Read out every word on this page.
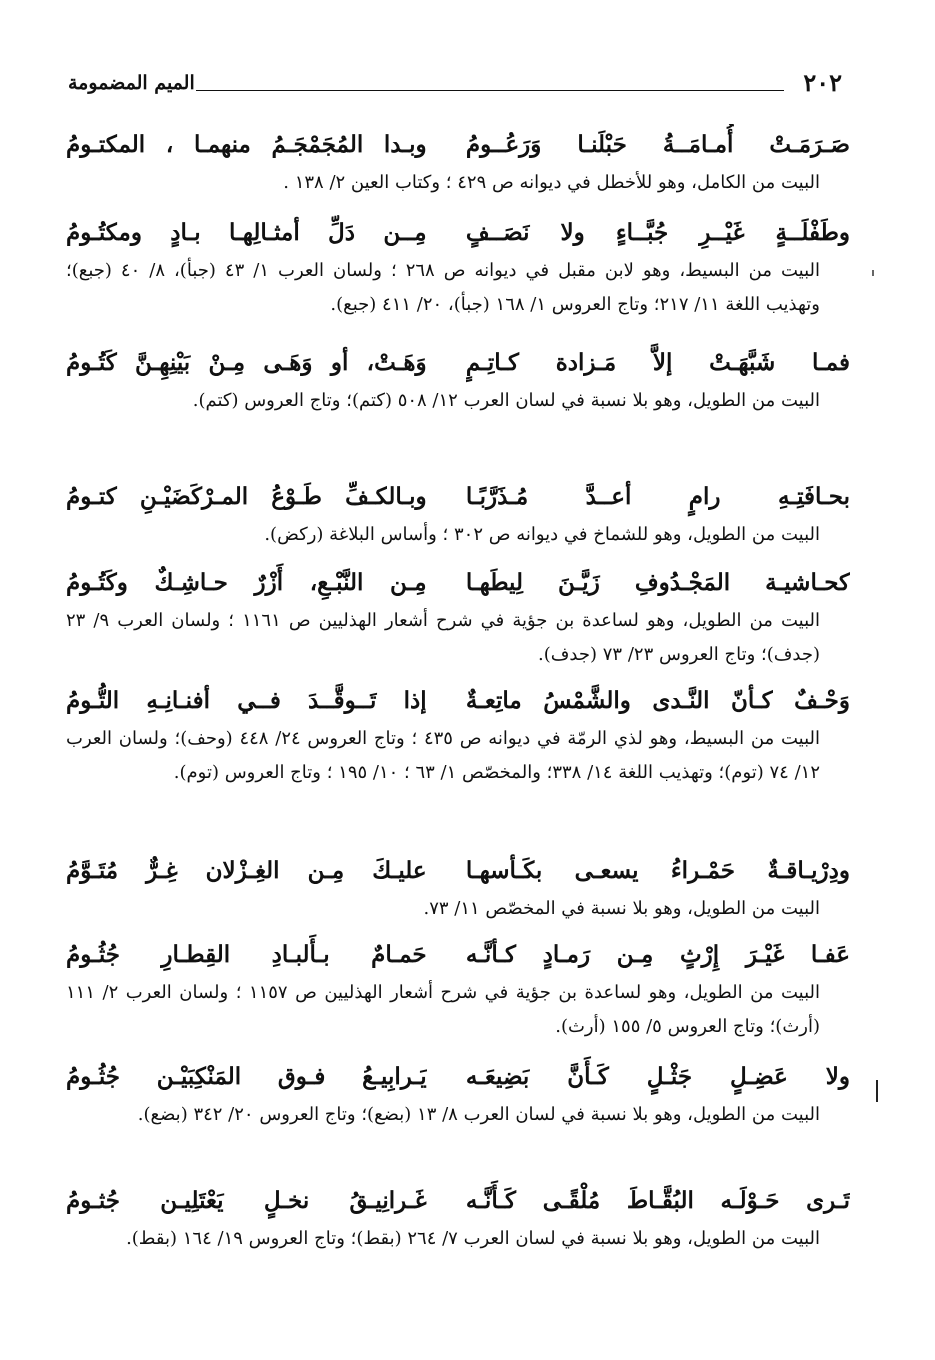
٢٠٢
الميم المضمومة
صَـرَمَـتْ أُمـامَــةُ حَبْلَنـا وَرَعُــومُ
وبـدا المُجَمْجَـمُ منهمـا ، المكتـومُ
البيت من الكامل، وهو للأخطل في ديوانه ص ٤٢٩ ؛ وكتاب العين ٢/ ١٣٨ .
وطَفْلَــةٍ غَيْــرِ جُبَّــاءٍ ولا نَصَــفٍ
مِــن دَلِّ أمثـالِهـا بـادٍ ومكتُـومُ
البيت من البسيط، وهو لابن مقبل في ديوانه ص ٢٦٨ ؛ ولسان العرب ١/ ٤٣ (جبأ)، ٨/ ٤٠ (جبع)؛ وتهذيب اللغة ١١/ ٢١٧؛ وتاج العروس ١/ ١٦٨ (جبأ)، ٢٠/ ٤١١ (جبع).
فمـا شَبَّهَـتْ إلاَّ مَـزادة كـاتِـمٍ
وَهَـتْ، أو وَهَـى مِـنْ بَيْنِهِـنَّ كَتُـومُ
البيت من الطويل، وهو بلا نسبة في لسان العرب ١٢/ ٥٠٨ (كتم)؛ وتاج العروس (كتم).
بحـافَتِـهِ رامٍ أعــدَّ مُـذَرَّبًـا
وبـالكـفِّ طَـوْعُ المـرْكَضَيْـنِ كتـومُ
البيت من الطويل، وهو للشماخ في ديوانه ص ٣٠٢ ؛ وأساس البلاغة (ركض).
كحـاشيـة المَجْـدُوفِ زَيَّـنَ لِيطَهـا
مِـن النَّبْـعِ، أَزْرٌ حـاشِـكٌ وكَتُـومُ
البيت من الطويل، وهو لساعدة بن جؤية في شرح أشعار الهذليين ص ١١٦١ ؛ ولسان العرب ٩/ ٢٣ (جدف)؛ وتاج العروس ٢٣/ ٧٣ (جدف).
وَحْـفٌ كـأنّ النَّـدى والشَّمْسُ ماتِعـةٌ
إذا تَــوقَّــدَ فــي أفنـانِـهِ التُّـومُ
البيت من البسيط، وهو لذي الرمّة في ديوانه ص ٤٣٥ ؛ وتاج العروس ٢٤/ ٤٤٨ (وحف)؛ ولسان العرب ١٢/ ٧٤ (توم)؛ وتهذيب اللغة ١٤/ ٣٣٨؛ والمخصّص ١/ ٦٣ ؛ ١٠/ ١٩٥ ؛ وتاج العروس (توم).
ودِرْيـاقـةٌ حَمْـراءُ يسعـى بكَـأسهـا
عليـكَ مِـن الغِـزْلان غِـرٌّ مُتَـوَّمُ
البيت من الطويل، وهو بلا نسبة في المخصّص ١١/ ٧٣.
عَفـا غَيْـرَ إِرْثٍ مِـن رَمـادٍ كـأنَّـه
حَمـامٌ بـأَلبـادِ القِطـارِ جُثُـومُ
البيت من الطويل، وهو لساعدة بن جؤية في شرح أشعار الهذليين ص ١١٥٧ ؛ ولسان العرب ٢/ ١١١ (أرث)؛ وتاج العروس ٥/ ١٥٥ (أرث).
ولا عَضِـلٍ جَثْـلٍ كَـأَنَّ بَضِيعَـه
يَـرابِيـعُ فـوق المَنْكِبَيْـن جُثُـومُ
البيت من الطويل، وهو بلا نسبة في لسان العرب ٨/ ١٣ (بضع)؛ وتاج العروس ٢٠/ ٣٤٢ (بضع).
تَـرى حَـوْلَـه البُقَّـاطَ مُلْقًـى كَـأَنَّـه
غَـرانِيـقُ نخـلٍ يَعْتَلِيـن جُثـومُ
البيت من الطويل، وهو بلا نسبة في لسان العرب ٧/ ٢٦٤ (بقط)؛ وتاج العروس ١٩/ ١٦٤ (بقط).
